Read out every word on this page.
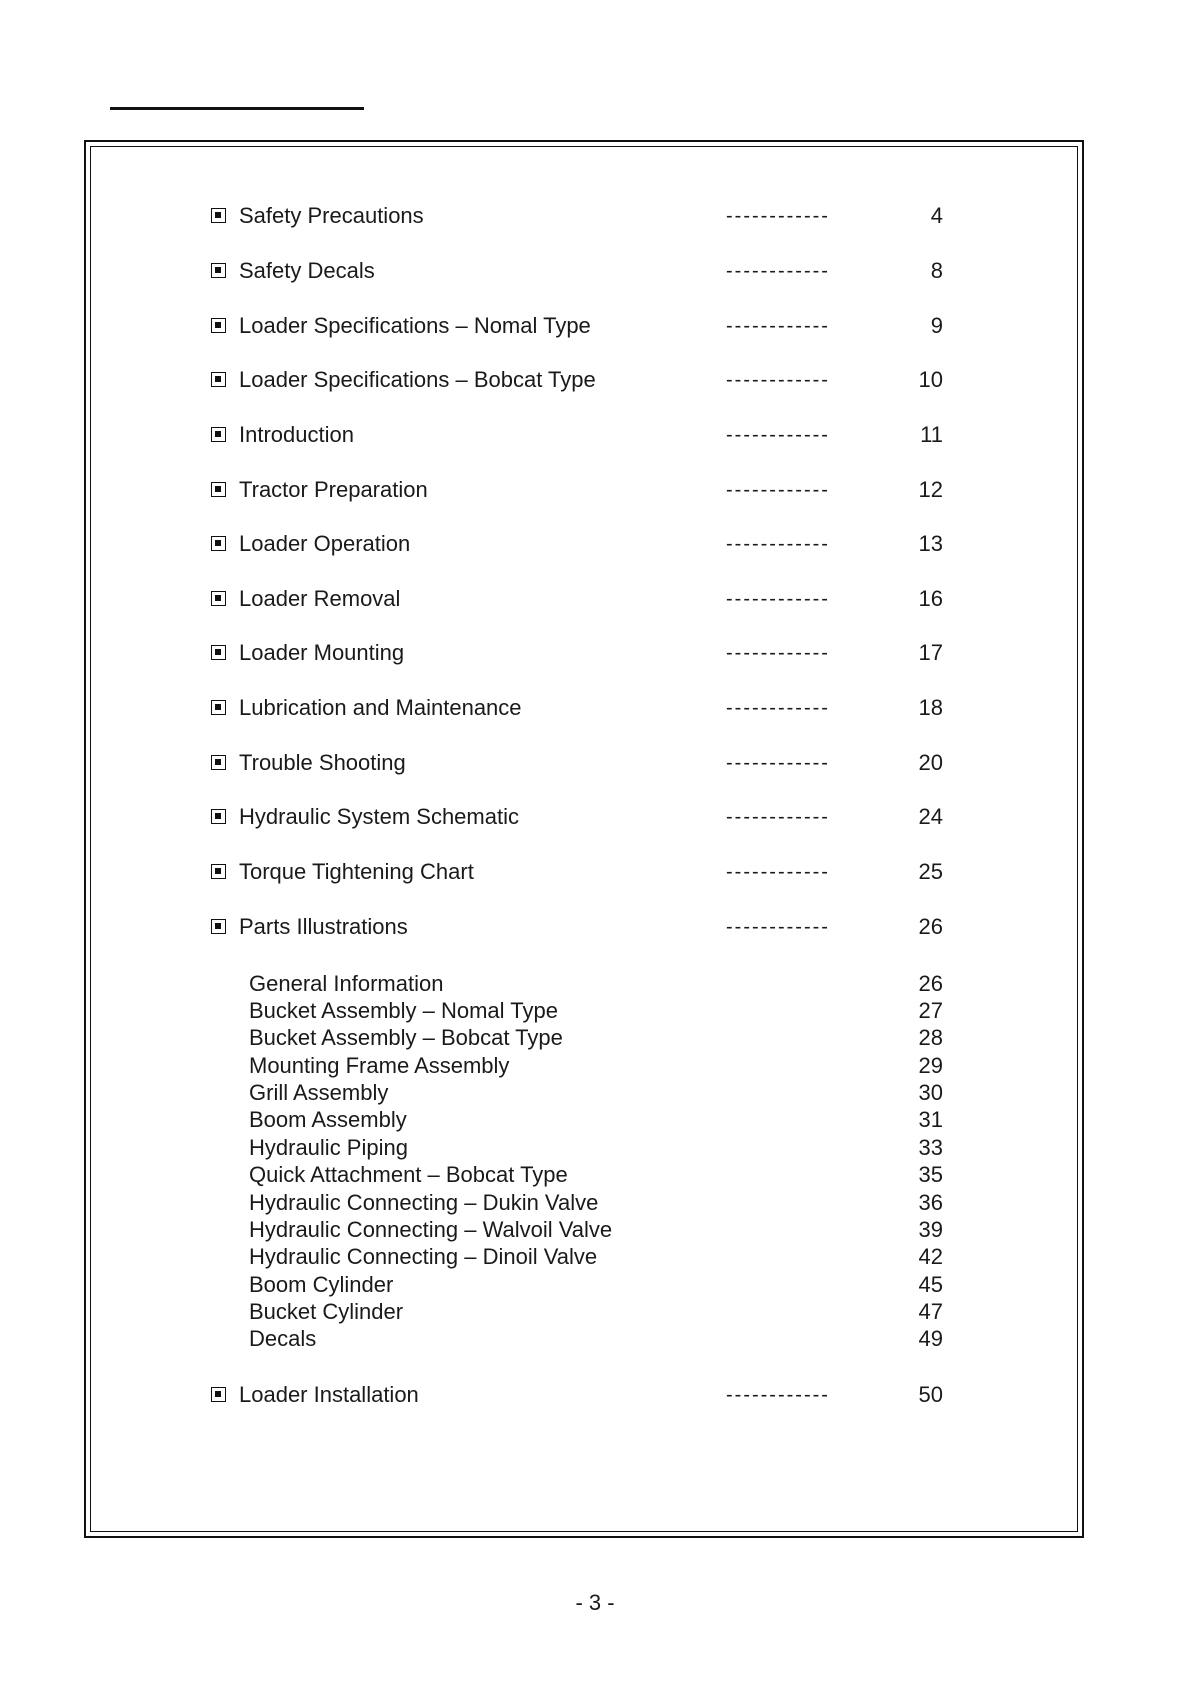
Safety Precautions	------------	4
Safety Decals	------------	8
Loader Specifications – Nomal Type	------------	9
Loader Specifications – Bobcat Type	------------	10
Introduction	------------	11
Tractor Preparation	------------	12
Loader Operation	------------	13
Loader Removal	------------	16
Loader Mounting	------------	17
Lubrication and Maintenance	------------	18
Trouble Shooting	------------	20
Hydraulic System Schematic	------------	24
Torque Tightening Chart	------------	25
Parts Illustrations	------------	26
General Information	26
Bucket Assembly – Nomal Type	27
Bucket Assembly – Bobcat Type	28
Mounting Frame Assembly	29
Grill Assembly	30
Boom Assembly	31
Hydraulic Piping	33
Quick Attachment – Bobcat Type	35
Hydraulic Connecting – Dukin Valve	36
Hydraulic Connecting – Walvoil Valve	39
Hydraulic Connecting – Dinoil Valve	42
Boom Cylinder	45
Bucket Cylinder	47
Decals	49
Loader Installation	------------	50
- 3 -
